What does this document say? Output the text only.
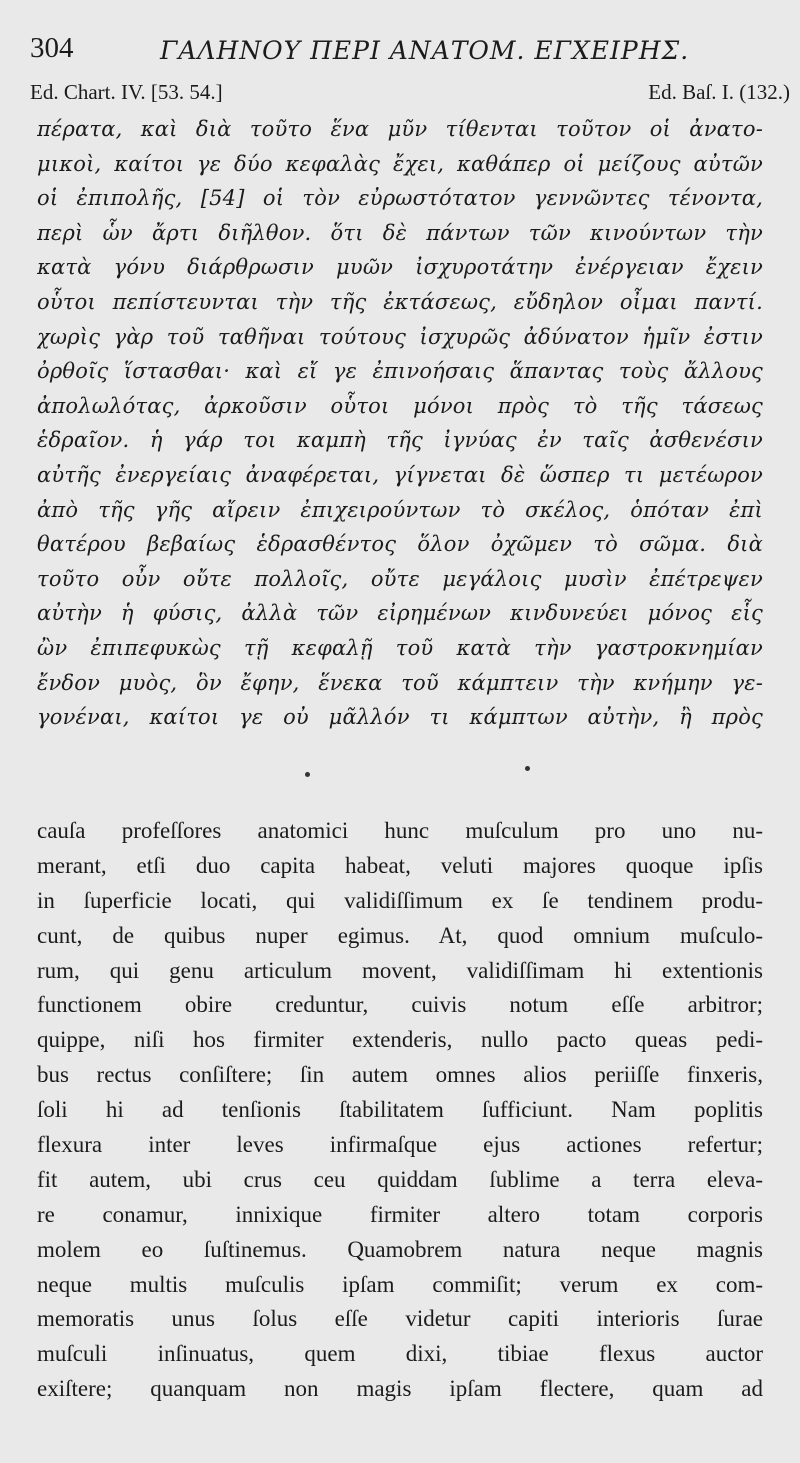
304	ΓΑΛΗΝΟΥ ΠΕΡΙ ΑΝΑΤΟΜ. ΕΓΧΕΙΡΗΣ.
Ed. Chart. IV. [53. 54.]	Ed. Baſ. I. (132.)
πέρατα, καὶ διὰ τοῦτο ἕνα μῦν τίθενται τοῦτον οἱ ἀνατο-
μικοὶ, καίτοι γε δύο κεφαλὰς ἔχει, καθάπερ οἱ μείζους αὐτῶν
οἱ ἐπιπολῆς, [54] οἱ τὸν εὐρωστότατον γεννῶντες τένοντα,
περὶ ὧν ἄρτι διῆλθον. ὅτι δὲ πάντων τῶν κινούντων τὴν
κατὰ γόνυ διάρθρωσιν μυῶν ἰσχυροτάτην ἐνέργειαν ἔχειν
οὗτοι πεπίστευνται τὴν τῆς ἐκτάσεως, εὔδηλον οἶμαι παντί.
χωρὶς γὰρ τοῦ ταθῆναι τούτους ἰσχυρῶς ἀδύνατον ἡμῖν ἐστιν
ὀρθοῖς ἵστασθαι· καὶ εἴ γε ἐπινοήσαις ἅπαντας τοὺς ἄλλους
ἀπολωλότας, ἀρκοῦσιν οὗτοι μόνοι πρὸς τὸ τῆς τάσεως
ἑδραῖον. ἡ γάρ τοι καμπὴ τῆς ἰγνύας ἐν ταῖς ἀσθενέσιν
αὐτῆς ἐνεργείαις ἀναφέρεται, γίγνεται δὲ ὥσπερ τι μετέωρον
ἀπὸ τῆς γῆς αἴρειν ἐπιχειρούντων τὸ σκέλος, ὁπόταν ἐπὶ
θατέρου βεβαίως ἑδρασθέντος ὅλον ὀχῶμεν τὸ σῶμα. διὰ
τοῦτο οὖν οὔτε πολλοῖς, οὔτε μεγάλοις μυσὶν ἐπέτρεψεν
αὐτὴν ἡ φύσις, ἀλλὰ τῶν εἰρημένων κινδυνεύει μόνος εἷς
ὢν ἐπιπεφυκὼς τῇ κεφαλῇ τοῦ κατὰ τὴν γαστροκνημίαν
ἔνδον μυὸς, ὃν ἔφην, ἕνεκα τοῦ κάμπτειν τὴν κνήμην γε-
γονέναι, καίτοι γε οὐ μᾶλλόν τι κάμπτων αὐτὴν, ἢ πρὸς
cauſa profeſſores anatomici hunc muſculum pro uno nu-
merant, etſi duo capita habeat, veluti majores quoque ipſis
in ſuperficie locati, qui validiſſimum ex ſe tendinem produ-
cunt, de quibus nuper egimus. At, quod omnium muſculo-
rum, qui genu articulum movent, validiſſimam hi extentionis
functionem obire creduntur, cuivis notum eſſe arbitror;
quippe, niſi hos firmiter extenderis, nullo pacto queas pedi-
bus rectus conſiſtere; ſin autem omnes alios periiſſe finxeris,
ſoli hi ad tenſionis ſtabilitatem ſufficiunt. Nam poplitis
flexura inter leves infirmaſque ejus actiones refertur;
fit autem, ubi crus ceu quiddam ſublime a terra eleva-
re conamur, innixique firmiter altero totam corporis
molem eo ſuſtinemus. Quamobrem natura neque magnis
neque multis muſculis ipſam commiſit; verum ex com-
memoratis unus ſolus eſſe videtur capiti interioris ſurae
muſculi inſinuatus, quem dixi, tibiae flexus auctor
exiſtere; quanquam non magis ipſam flectere, quam ad
